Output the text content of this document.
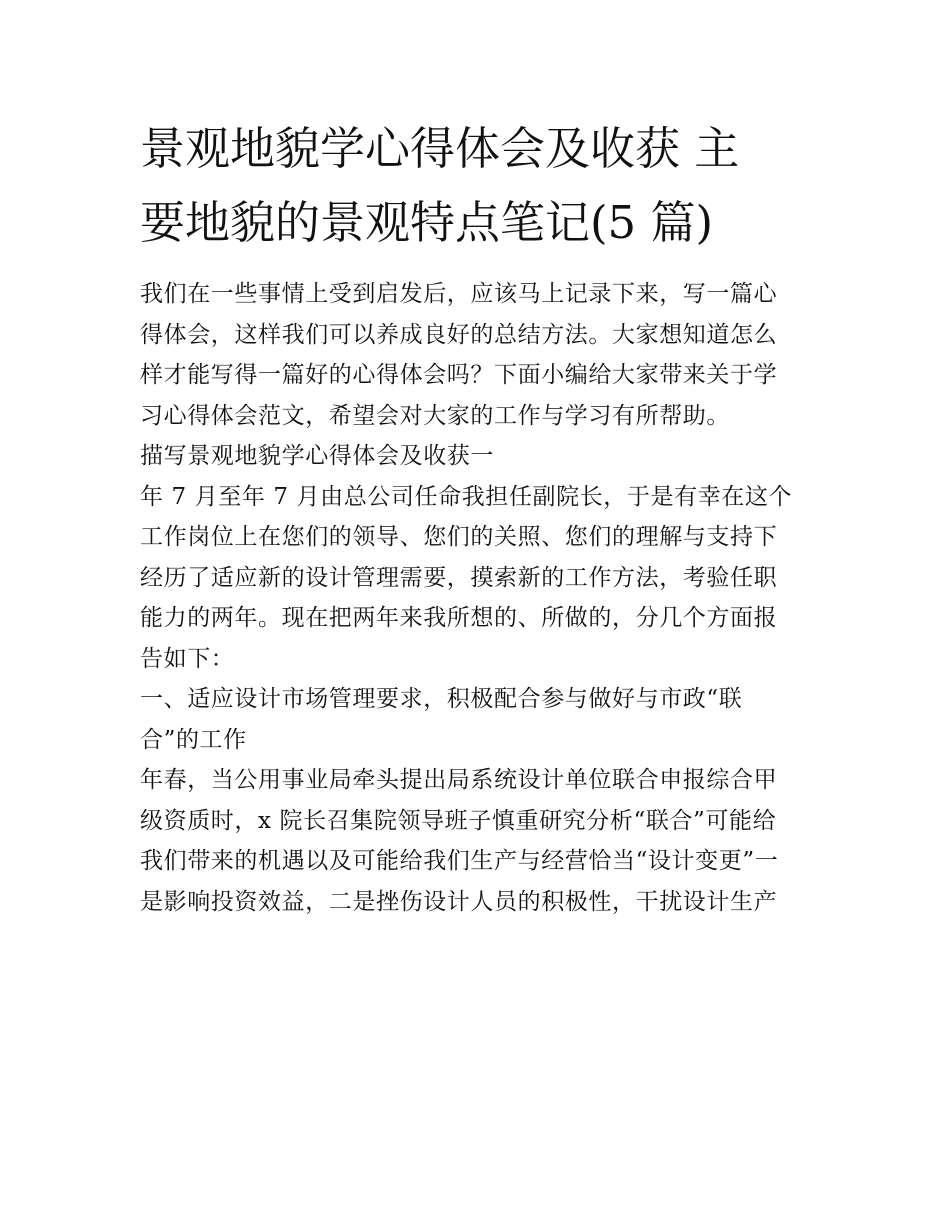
景观地貌学心得体会及收获 主
要地貌的景观特点笔记(5 篇)
我们在一些事情上受到启发后，应该马上记录下来，写一篇心
得体会，这样我们可以养成良好的总结方法。大家想知道怎么
样才能写得一篇好的心得体会吗？下面小编给大家带来关于学
习心得体会范文，希望会对大家的工作与学习有所帮助。
描写景观地貌学心得体会及收获一
年 7 月至年 7 月由总公司任命我担任副院长，于是有幸在这个
工作岗位上在您们的领导、您们的关照、您们的理解与支持下
经历了适应新的设计管理需要，摸索新的工作方法，考验任职
能力的两年。现在把两年来我所想的、所做的，分几个方面报
告如下：
一、适应设计市场管理要求，积极配合参与做好与市政“联
合”的工作
年春，当公用事业局牵头提出局系统设计单位联合申报综合甲
级资质时，x 院长召集院领导班子慎重研究分析“联合”可能给
我们带来的机遇以及可能给我们生产与经营恰当“设计变更”一
是影响投资效益，二是挫伤设计人员的积极性，干扰设计生产
